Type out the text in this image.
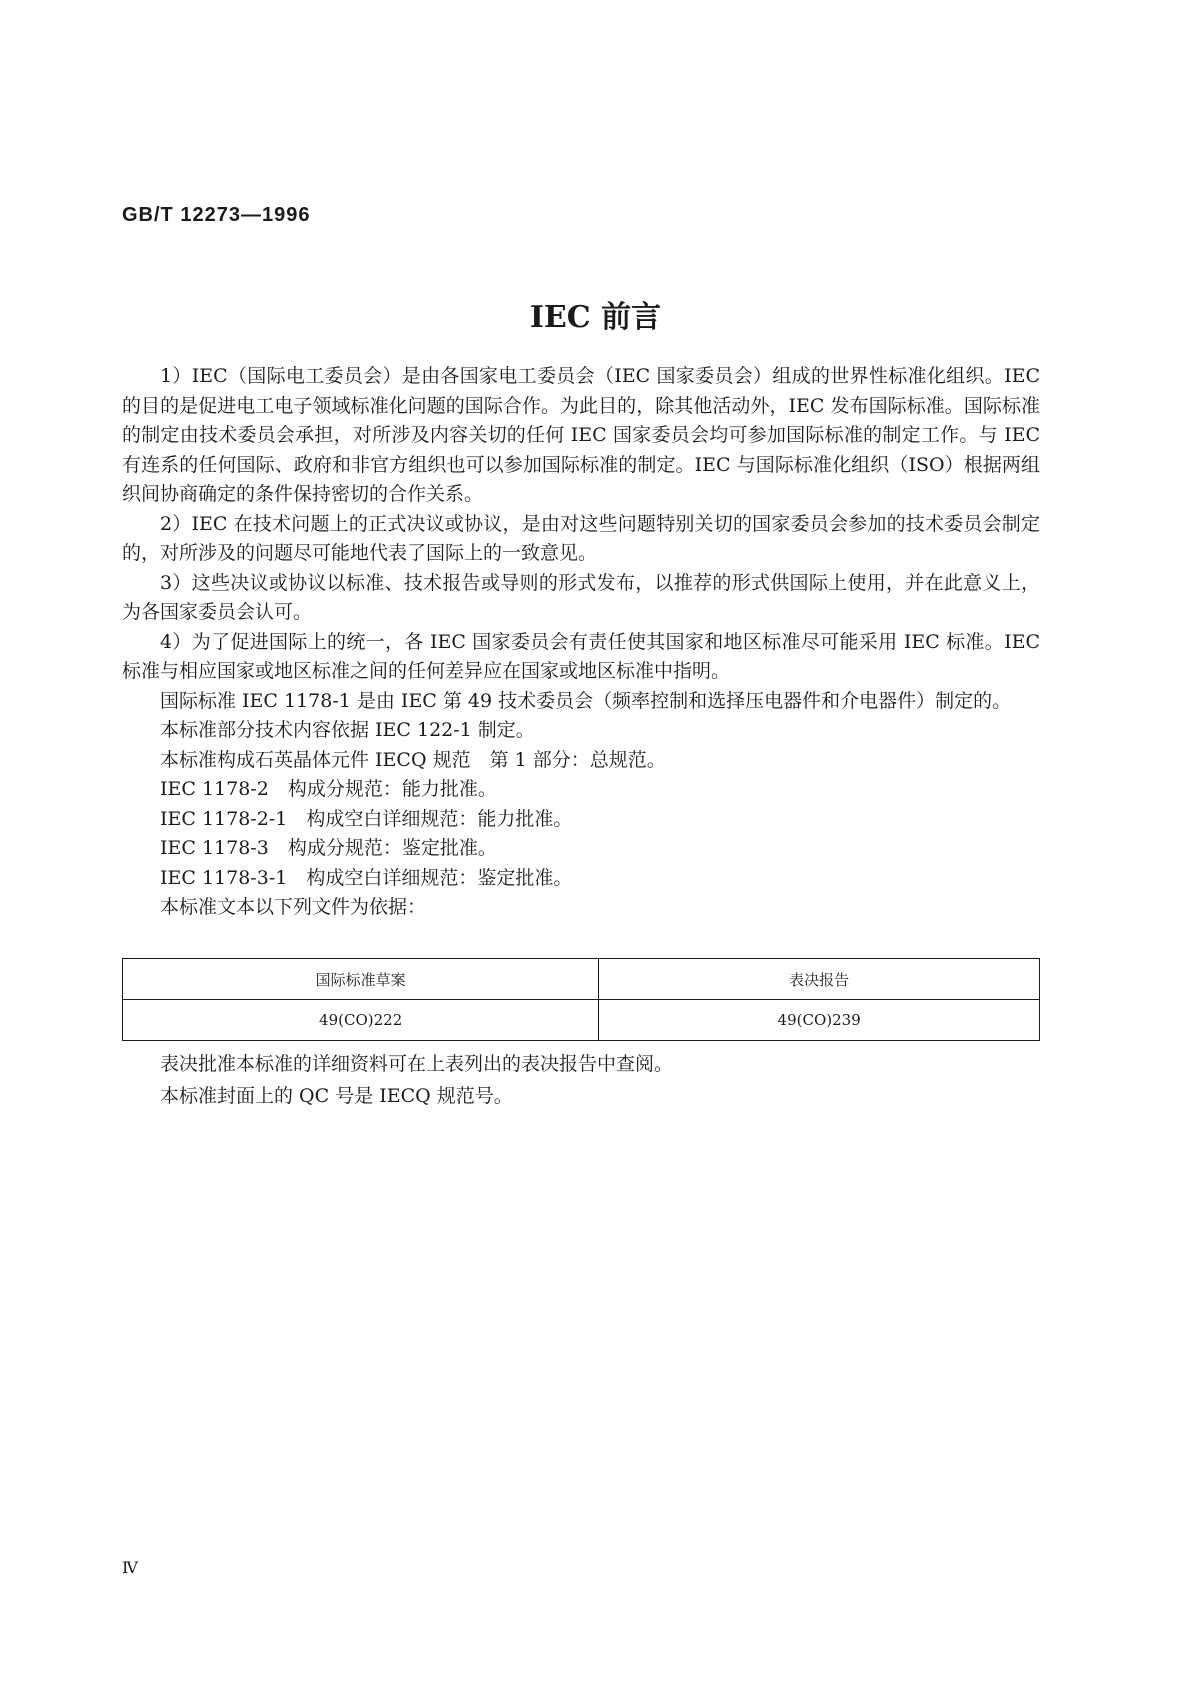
GB/T 12273—1996
IEC 前言

1）IEC（国际电工委员会）是由各国家电工委员会（IEC 国家委员会）组成的世界性标准化组织。IEC 的目的是促进电工电子领域标准化问题的国际合作。为此目的，除其他活动外，IEC 发布国际标准。国际标准的制定由技术委员会承担，对所涉及内容关切的任何 IEC 国家委员会均可参加国际标准的制定工作。与 IEC 有连系的任何国际、政府和非官方组织也可以参加国际标准的制定。IEC 与国际标准化组织（ISO）根据两组织间协商确定的条件保持密切的合作关系。

2）IEC 在技术问题上的正式决议或协议，是由对这些问题特别关切的国家委员会参加的技术委员会制定的，对所涉及的问题尽可能地代表了国际上的一致意见。

3）这些决议或协议以标准、技术报告或导则的形式发布，以推荐的形式供国际上使用，并在此意义上，为各国家委员会认可。

4）为了促进国际上的统一，各 IEC 国家委员会有责任使其国家和地区标准尽可能采用 IEC 标准。IEC 标准与相应国家或地区标准之间的任何差异应在国家或地区标准中指明。

国际标准 IEC 1178-1 是由 IEC 第 49 技术委员会（频率控制和选择压电器件和介电器件）制定的。

本标准部分技术内容依据 IEC 122-1 制定。

本标准构成石英晶体元件 IECQ 规范　第 1 部分：总规范。

IEC 1178-2　构成分规范：能力批准。

IEC 1178-2-1　构成空白详细规范：能力批准。

IEC 1178-3　构成分规范：鉴定批准。

IEC 1178-3-1　构成空白详细规范：鉴定批准。

本标准文本以下列文件为依据：

国际标准草案	表决报告
49(CO)222	49(CO)239

表决批准本标准的详细资料可在上表列出的表决报告中查阅。

本标准封面上的 QC 号是 IECQ 规范号。

Ⅳ
